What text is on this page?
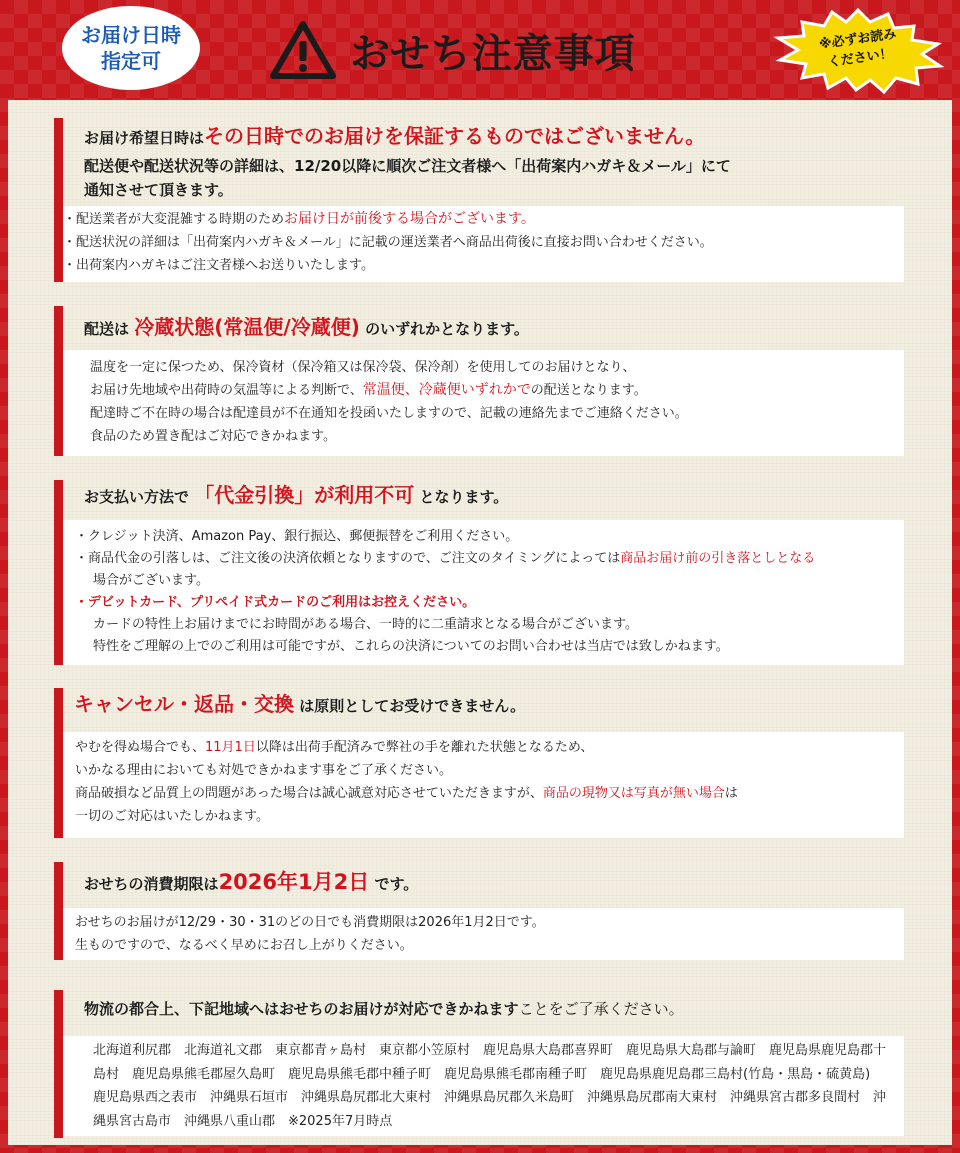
お届け日時
指定可	おせち注意事項	※必ずお読み
ください！
お届け希望日時はその日時でのお届けを保証するものではございません。
配送便や配送状況等の詳細は、12/20以降に順次ご注文者様へ「出荷案内ハガキ＆メール」にて
通知させて頂きます。
・配送業者が大変混雑する時期のためお届け日が前後する場合がございます。
・配送状況の詳細は「出荷案内ハガキ＆メール」に記載の運送業者へ商品出荷後に直接お問い合わせください。
・出荷案内ハガキはご注文者様へお送りいたします。
配送は 冷蔵状態(常温便/冷蔵便) のいずれかとなります。
温度を一定に保つため、保冷資材（保冷箱又は保冷袋、保冷剤）を使用してのお届けとなり、
お届け先地域や出荷時の気温等による判断で、常温便、冷蔵便いずれかでの配送となります。
配達時ご不在時の場合は配達員が不在通知を投函いたしますので、記載の連絡先までご連絡ください。
食品のため置き配はご対応できかねます。
お支払い方法で 「代金引換」が利用不可 となります。
・クレジット決済、Amazon Pay、銀行振込、郵便振替をご利用ください。
・商品代金の引落しは、ご注文後の決済依頼となりますので、ご注文のタイミングによっては商品お届け前の引き落としとなる
場合がございます。
・デビットカード、プリペイド式カードのご利用はお控えください。
カードの特性上お届けまでにお時間がある場合、一時的に二重請求となる場合がございます。
特性をご理解の上でのご利用は可能ですが、これらの決済についてのお問い合わせは当店では致しかねます。
キャンセル・返品・交換 は原則としてお受けできません。
やむを得ぬ場合でも、11月1日以降は出荷手配済みで弊社の手を離れた状態となるため、
いかなる理由においても対処できかねます事をご了承ください。
商品破損など品質上の問題があった場合は誠心誠意対応させていただきますが、商品の現物又は写真が無い場合は
一切のご対応はいたしかねます。
おせちの消費期限は2026年1月2日 です。
おせちのお届けが12/29・30・31のどの日でも消費期限は2026年1月2日です。
生ものですので、なるべく早めにお召し上がりください。
物流の都合上、下記地域へはおせちのお届けが対応できかねますことをご了承ください。
北海道利尻郡　北海道礼文郡　東京都青ヶ島村　東京都小笠原村　鹿児島県大島郡喜界町　鹿児島県大島郡与論町　鹿児島県鹿児島郡十島村　鹿児島県熊毛郡屋久島町　鹿児島県熊毛郡中種子町　鹿児島県熊毛郡南種子町　鹿児島県鹿児島郡三島村(竹島・黒島・硫黄島)　鹿児島県西之表市　沖縄県石垣市　沖縄県島尻郡北大東村　沖縄県島尻郡久米島町　沖縄県島尻郡南大東村　沖縄県宮古郡多良間村　沖縄県宮古島市　沖縄県八重山郡　※2025年7月時点
